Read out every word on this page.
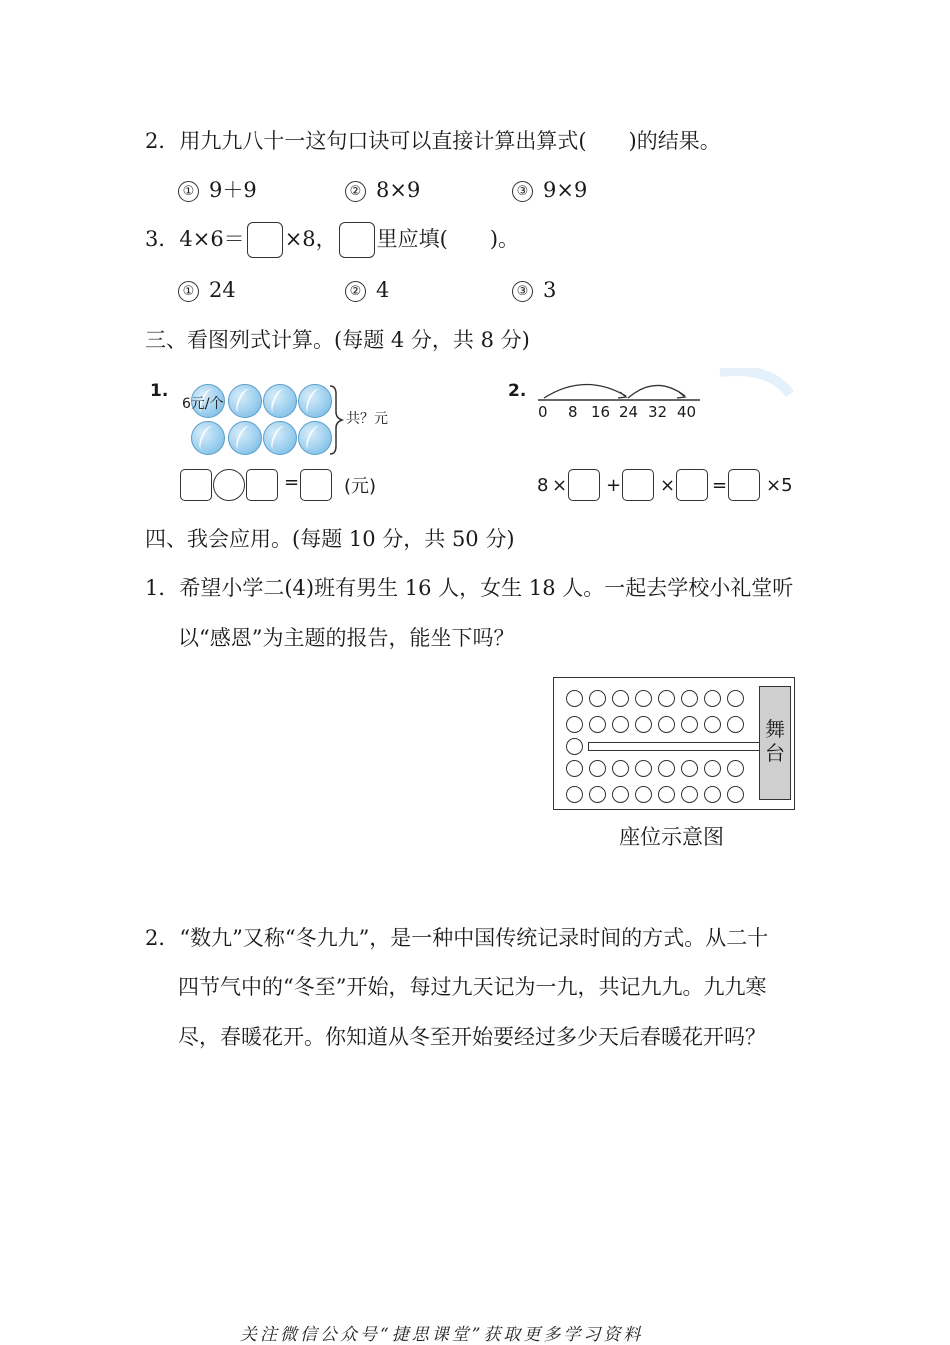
2．用九九八十一这句口诀可以直接计算出算式(　　)的结果。
① 9＋9	② 8×9	③ 9×9
3．4×6＝ ×8， 里应填(　　)。
① 24	② 4	③ 3
三、看图列式计算。(每题 4 分，共 8 分)
1.
6元/个
共？元
= (元)
2.
0 8 16 24 32 40
8 × + × = ×5
四、我会应用。(每题 10 分，共 50 分)
1．希望小学二(4)班有男生 16 人，女生 18 人。一起去学校小礼堂听
以“感恩”为主题的报告，能坐下吗？
舞台
座位示意图
2．“数九”又称“冬九九”，是一种中国传统记录时间的方式。从二十
四节气中的“冬至”开始，每过九天记为一九，共记九九。九九寒
尽，春暖花开。你知道从冬至开始要经过多少天后春暖花开吗？
关注微信公众号“捷思课堂”获取更多学习资料
